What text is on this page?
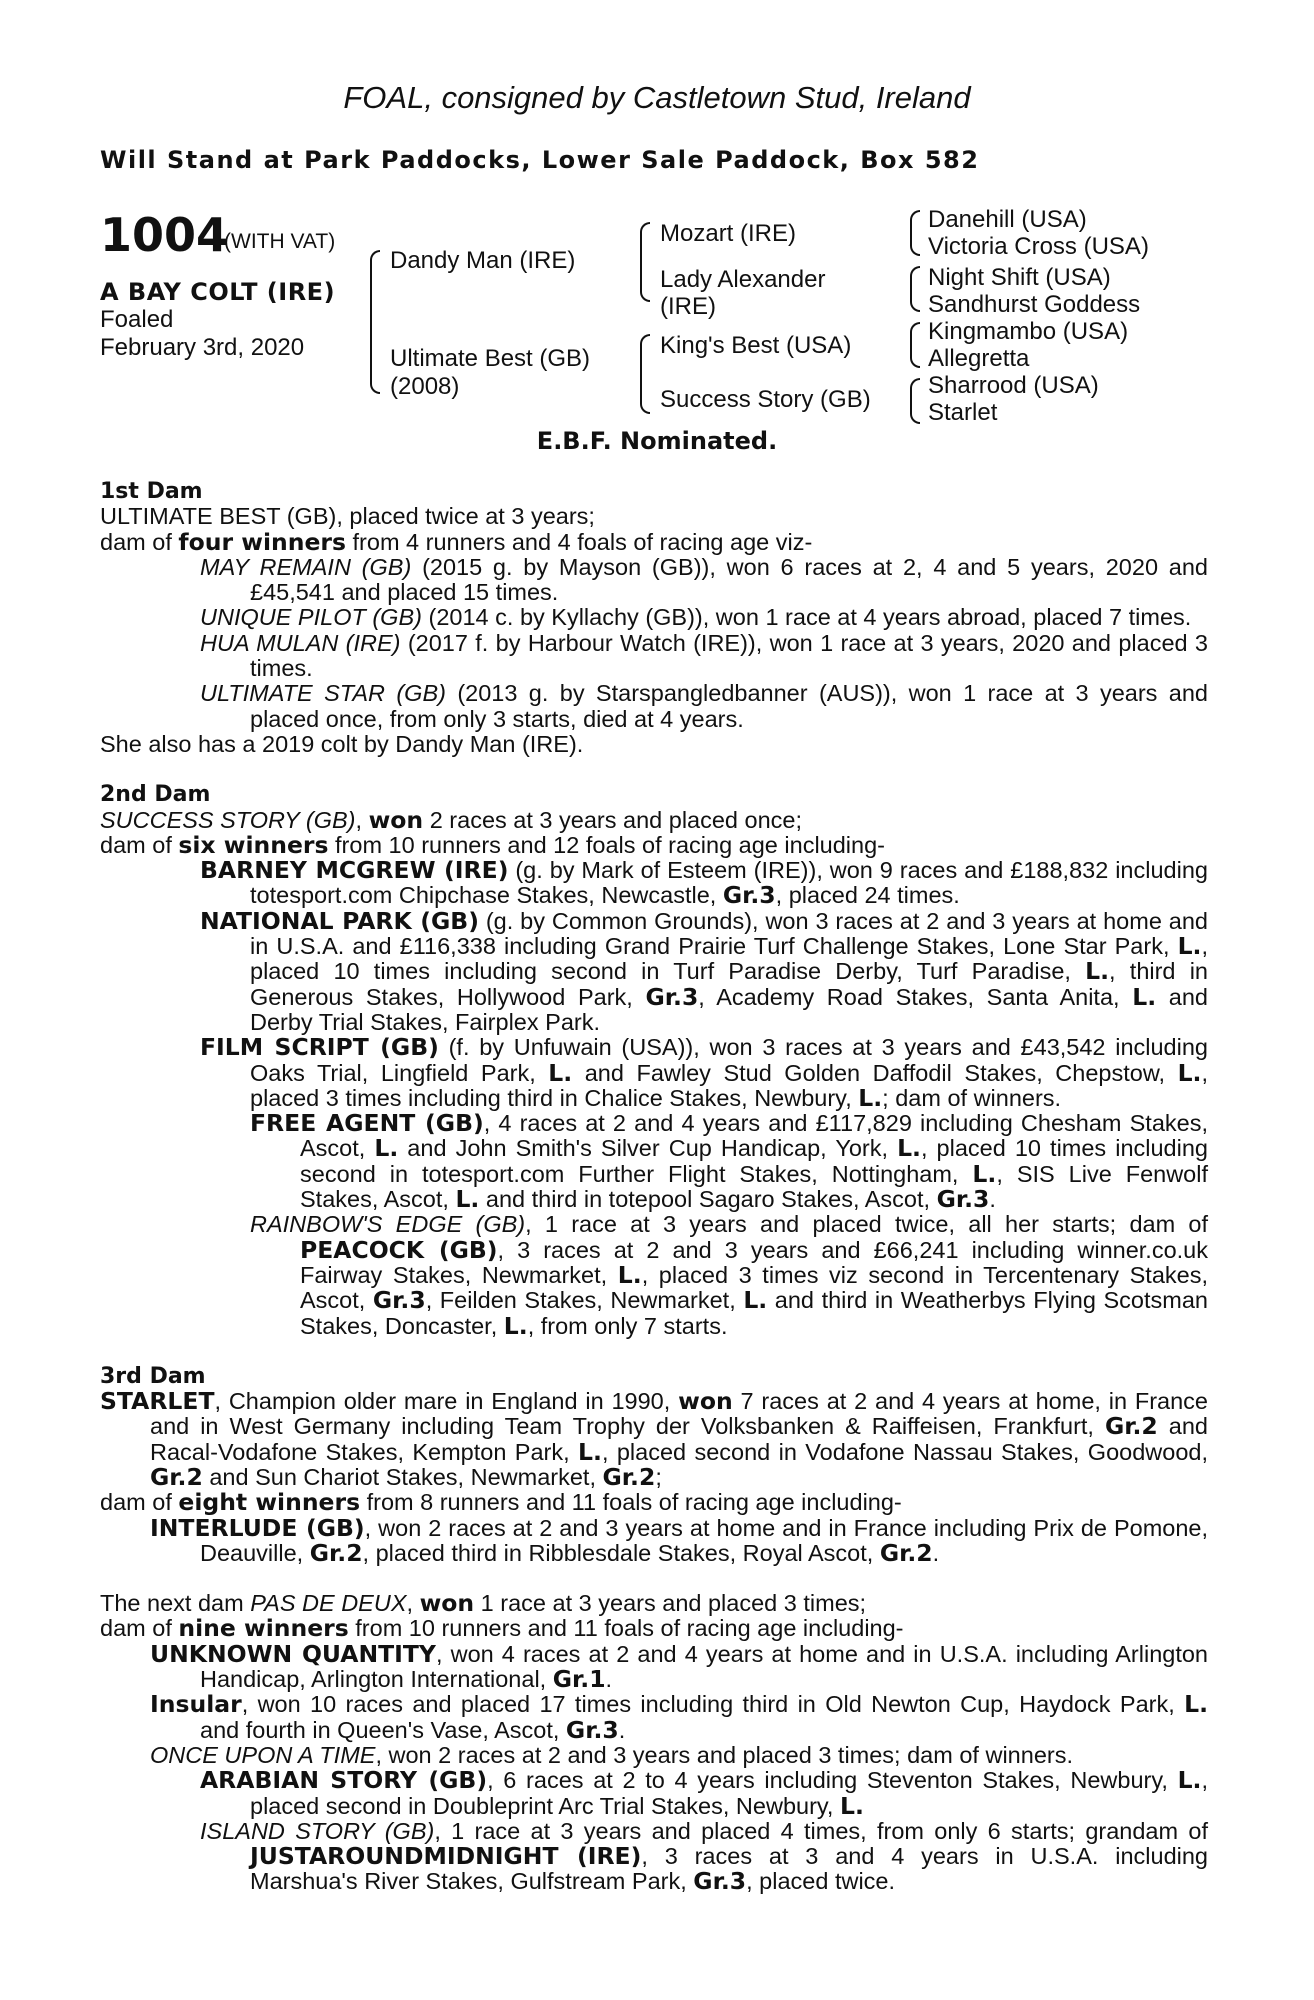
FOAL, consigned by Castletown Stud, Ireland
Will Stand at Park Paddocks, Lower Sale Paddock, Box 582
1004
(WITH VAT)
A BAY COLT (IRE)
Foaled
February 3rd, 2020
Dandy Man (IRE)
Ultimate Best (GB)
(2008)
Mozart (IRE)
Lady Alexander
(IRE)
King's Best (USA)
Success Story (GB)
Danehill (USA)
Victoria Cross (USA)
Night Shift (USA)
Sandhurst Goddess
Kingmambo (USA)
Allegretta
Sharrood (USA)
Starlet
E.B.F. Nominated.

1st Dam

ULTIMATE BEST (GB), placed twice at 3 years;

dam of four winners from 4 runners and 4 foals of racing age viz-

MAY REMAIN (GB) (2015 g. by Mayson (GB)), won 6 races at 2, 4 and 5 years, 2020 and £45,541 and placed 15 times.

UNIQUE PILOT (GB) (2014 c. by Kyllachy (GB)), won 1 race at 4 years abroad, placed 7 times.

HUA MULAN (IRE) (2017 f. by Harbour Watch (IRE)), won 1 race at 3 years, 2020 and placed 3 times.

ULTIMATE STAR (GB) (2013 g. by Starspangledbanner (AUS)), won 1 race at 3 years and placed once, from only 3 starts, died at 4 years.

She also has a 2019 colt by Dandy Man (IRE).

2nd Dam

SUCCESS STORY (GB), won 2 races at 3 years and placed once;

dam of six winners from 10 runners and 12 foals of racing age including-

BARNEY MCGREW (IRE) (g. by Mark of Esteem (IRE)), won 9 races and £188,832 including totesport.com Chipchase Stakes, Newcastle, Gr.3, placed 24 times.

NATIONAL PARK (GB) (g. by Common Grounds), won 3 races at 2 and 3 years at home and in U.S.A. and £116,338 including Grand Prairie Turf Challenge Stakes, Lone Star Park, L., placed 10 times including second in Turf Paradise Derby, Turf Paradise, L., third in Generous Stakes, Hollywood Park, Gr.3, Academy Road Stakes, Santa Anita, L. and Derby Trial Stakes, Fairplex Park.

FILM SCRIPT (GB) (f. by Unfuwain (USA)), won 3 races at 3 years and £43,542 including Oaks Trial, Lingfield Park, L. and Fawley Stud Golden Daffodil Stakes, Chepstow, L., placed 3 times including third in Chalice Stakes, Newbury, L.; dam of winners.

FREE AGENT (GB), 4 races at 2 and 4 years and £117,829 including Chesham Stakes, Ascot, L. and John Smith's Silver Cup Handicap, York, L., placed 10 times including second in totesport.com Further Flight Stakes, Nottingham, L., SIS Live Fenwolf Stakes, Ascot, L. and third in totepool Sagaro Stakes, Ascot, Gr.3.

RAINBOW'S EDGE (GB), 1 race at 3 years and placed twice, all her starts; dam of PEACOCK (GB), 3 races at 2 and 3 years and £66,241 including winner.co.uk Fairway Stakes, Newmarket, L., placed 3 times viz second in Tercentenary Stakes, Ascot, Gr.3, Feilden Stakes, Newmarket, L. and third in Weatherbys Flying Scotsman Stakes, Doncaster, L., from only 7 starts.

3rd Dam

STARLET, Champion older mare in England in 1990, won 7 races at 2 and 4 years at home, in France and in West Germany including Team Trophy der Volksbanken & Raiffeisen, Frankfurt, Gr.2 and Racal-Vodafone Stakes, Kempton Park, L., placed second in Vodafone Nassau Stakes, Goodwood, Gr.2 and Sun Chariot Stakes, Newmarket, Gr.2;

dam of eight winners from 8 runners and 11 foals of racing age including-

INTERLUDE (GB), won 2 races at 2 and 3 years at home and in France including Prix de Pomone, Deauville, Gr.2, placed third in Ribblesdale Stakes, Royal Ascot, Gr.2.

The next dam PAS DE DEUX, won 1 race at 3 years and placed 3 times;

dam of nine winners from 10 runners and 11 foals of racing age including-

UNKNOWN QUANTITY, won 4 races at 2 and 4 years at home and in U.S.A. including Arlington Handicap, Arlington International, Gr.1.

Insular, won 10 races and placed 17 times including third in Old Newton Cup, Haydock Park, L. and fourth in Queen's Vase, Ascot, Gr.3.

ONCE UPON A TIME, won 2 races at 2 and 3 years and placed 3 times; dam of winners.

ARABIAN STORY (GB), 6 races at 2 to 4 years including Steventon Stakes, Newbury, L., placed second in Doubleprint Arc Trial Stakes, Newbury, L.

ISLAND STORY (GB), 1 race at 3 years and placed 4 times, from only 6 starts; grandam of JUSTAROUNDMIDNIGHT (IRE), 3 races at 3 and 4 years in U.S.A. including Marshua's River Stakes, Gulfstream Park, Gr.3, placed twice.
